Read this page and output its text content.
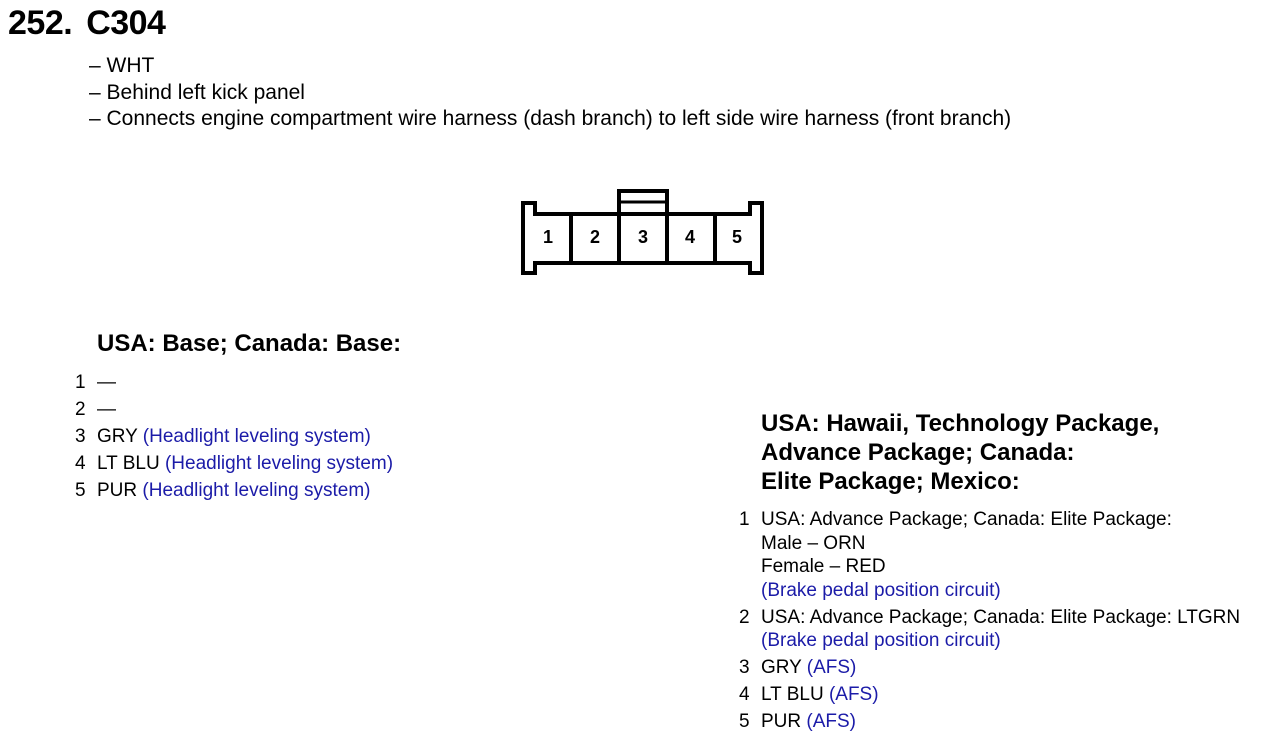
252. C304
– WHT
– Behind left kick panel
– Connects engine compartment wire harness (dash branch) to left side wire harness (front branch)
1 2 3 4 5
USA: Base; Canada: Base:
1 —
2 —
3 GRY (Headlight leveling system)
4 LT BLU (Headlight leveling system)
5 PUR (Headlight leveling system)
USA: Hawaii, Technology Package,
Advance Package; Canada:
Elite Package; Mexico:
1 USA: Advance Package; Canada: Elite Package:
Male – ORN
Female – RED
(Brake pedal position circuit)
2 USA: Advance Package; Canada: Elite Package: LTGRN
(Brake pedal position circuit)
3 GRY (AFS)
4 LT BLU (AFS)
5 PUR (AFS)
